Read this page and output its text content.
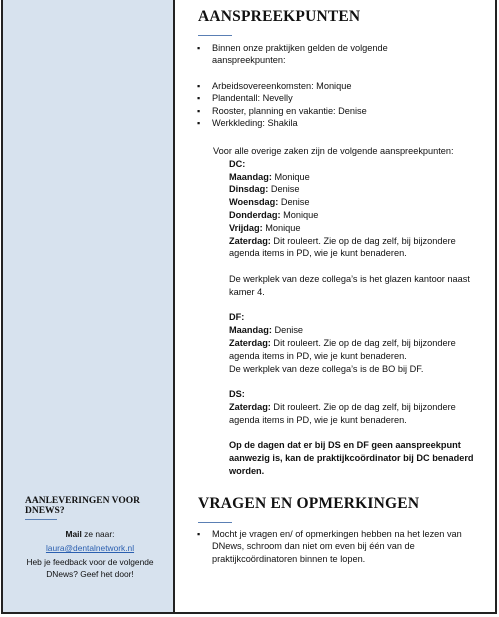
AANLEVERINGEN VOOR DNEWS?
Mail ze naar:
laura@dentalnetwork.nl
Heb je feedback voor de volgende DNews? Geef het door!
AANSPREEKPUNTEN
▪ Binnen onze praktijken gelden de volgende aanspreekpunten:
▪ Arbeidsovereenkomsten: Monique
▪ Plandentall: Nevelly
▪ Rooster, planning en vakantie: Denise
▪ Werkkleding: Shakila

Voor alle overige zaken zijn de volgende aanspreekpunten:

DC:

Maandag: Monique

Dinsdag: Denise

Woensdag: Denise

Donderdag: Monique

Vrijdag: Monique

Zaterdag: Dit rouleert. Zie op de dag zelf, bij bijzondere agenda items in PD, wie je kunt benaderen.

De werkplek van deze collega’s is het glazen kantoor naast kamer 4.

DF:

Maandag: Denise

Zaterdag: Dit rouleert. Zie op de dag zelf, bij bijzondere agenda items in PD, wie je kunt benaderen.

De werkplek van deze collega’s is de BO bij DF.

DS:

Zaterdag: Dit rouleert. Zie op de dag zelf, bij bijzondere agenda items in PD, wie je kunt benaderen.

Op de dagen dat er bij DS en DF geen aanspreekpunt aanwezig is, kan de praktijkcoördinator bij DC benaderd worden.

VRAGEN EN OPMERKINGEN
▪ Mocht je vragen en/ of opmerkingen hebben na het lezen van DNews, schroom dan niet om even bij één van de praktijkcoördinatoren binnen te lopen.
